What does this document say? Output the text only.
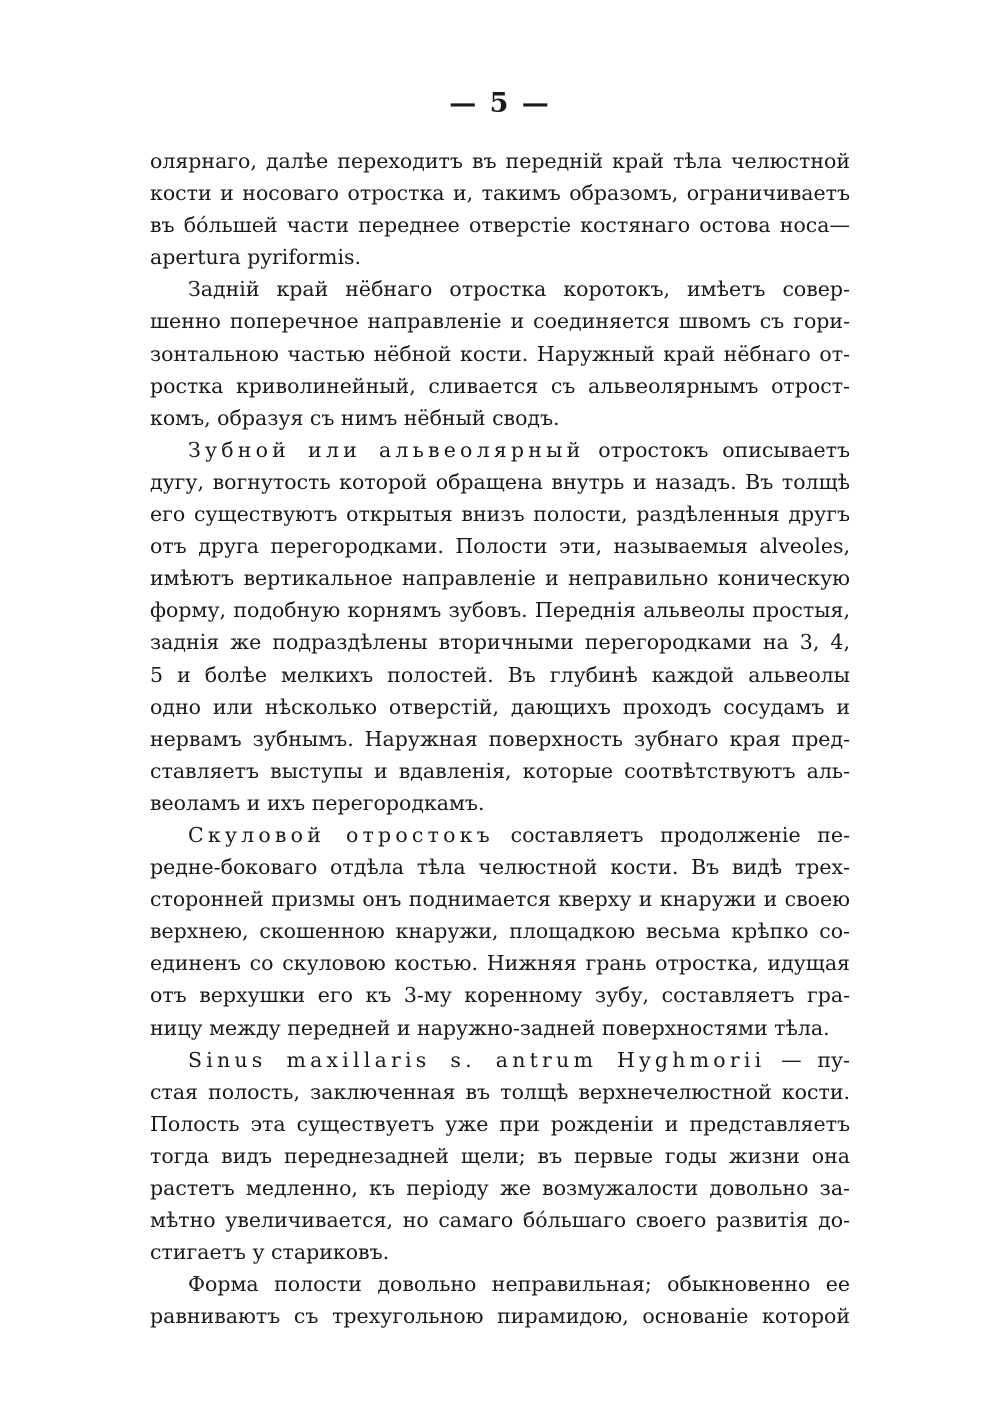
— 5 —
олярнаго, далѣе переходитъ въ передній край тѣла челюстной
кости и носоваго отростка и, такимъ образомъ, ограничиваетъ
въ бо́льшей части переднее отверстіе костянаго остова носа—
apertura pyriformis.
Задній край нёбнаго отростка коротокъ, имѣетъ совер-
шенно поперечное направленіе и соединяется швомъ съ гори-
зонтальною частью нёбной кости. Наружный край нёбнаго от-
ростка криволинейный, сливается съ альвеолярнымъ отрост-
комъ, образуя съ нимъ нёбный сводъ.
Зубной или альвеолярный отростокъ описываетъ
дугу, вогнутость которой обращена внутрь и назадъ. Въ толщѣ
его существуютъ открытыя внизъ полости, раздѣленныя другъ
отъ друга перегородками. Полости эти, называемыя alveoles,
имѣютъ вертикальное направленіе и неправильно коническую
форму, подобную корнямъ зубовъ. Переднія альвеолы простыя,
заднія же подраздѣлены вторичными перегородками на 3, 4,
5 и болѣе мелкихъ полостей. Въ глубинѣ каждой альвеолы
одно или нѣсколько отверстій, дающихъ проходъ сосудамъ и
нервамъ зубнымъ. Наружная поверхность зубнаго края пред-
ставляетъ выступы и вдавленія, которые соотвѣтствуютъ аль-
веоламъ и ихъ перегородкамъ.
Скуловой отростокъ составляетъ продолженіе пе-
редне-боковаго отдѣла тѣла челюстной кости. Въ видѣ трех-
сторонней призмы онъ поднимается кверху и кнаружи и своею
верхнею, скошенною кнаружи, площадкою весьма крѣпко со-
единенъ со скуловою костью. Нижняя грань отростка, идущая
отъ верхушки его къ 3-му коренному зубу, составляетъ гра-
ницу между передней и наружно-задней поверхностями тѣла.
Sinus maxillaris s. antrum Hyghmorii — пу-
стая полость, заключенная въ толщѣ верхнечелюстной кости.
Полость эта существуетъ уже при рожденіи и представляетъ
тогда видъ переднезадней щели; въ первые годы жизни она
растетъ медленно, къ періоду же возмужалости довольно за-
мѣтно увеличивается, но самаго бо́льшаго своего развитія до-
стигаетъ у стариковъ.
Форма полости довольно неправильная; обыкновенно ее
равниваютъ съ трехугольною пирамидою, основаніе которой
